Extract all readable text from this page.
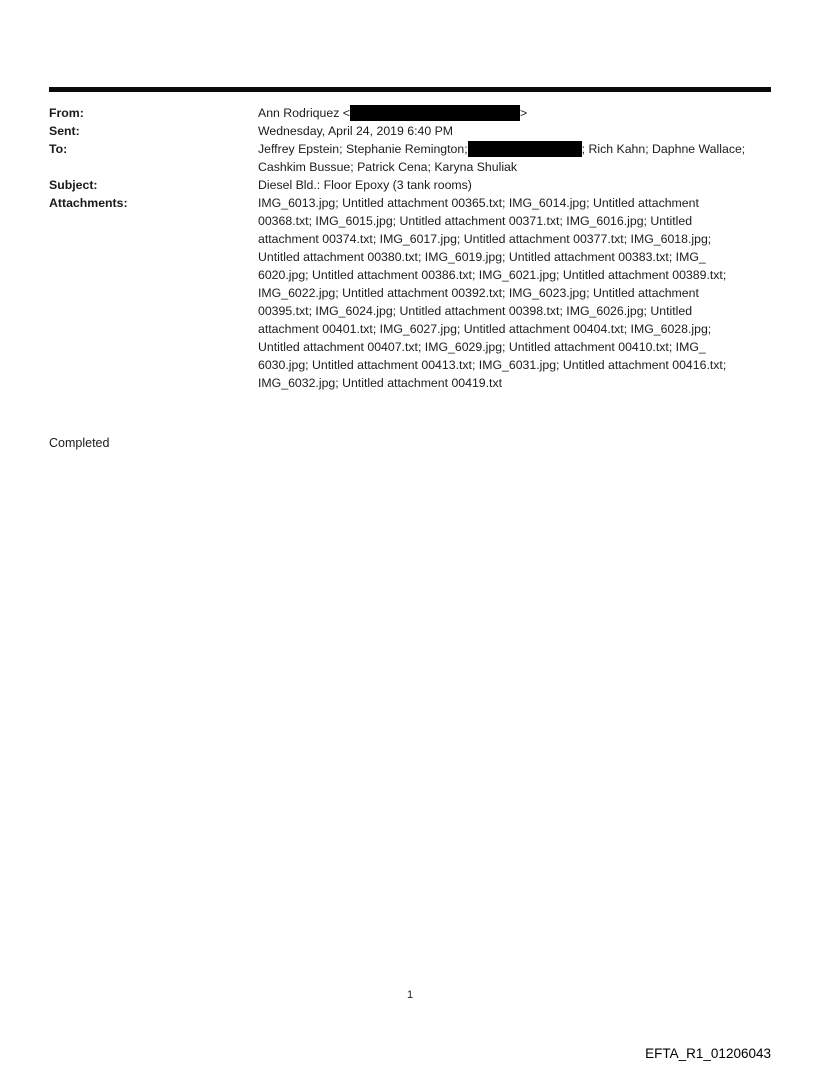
From:	Ann Rodriquez <	>
Sent:	Wednesday, April 24, 2019 6:40 PM
To:	Jeffrey Epstein; Stephanie Remington;	; Rich Kahn; Daphne Wallace;
Cashkim Bussue; Patrick Cena; Karyna Shuliak
Subject:	Diesel Bld.: Floor Epoxy (3 tank rooms)
Attachments:	IMG_6013.jpg; Untitled attachment 00365.txt; IMG_6014.jpg; Untitled attachment
00368.txt; IMG_6015.jpg; Untitled attachment 00371.txt; IMG_6016.jpg; Untitled
attachment 00374.txt; IMG_6017.jpg; Untitled attachment 00377.txt; IMG_6018.jpg;
Untitled attachment 00380.txt; IMG_6019.jpg; Untitled attachment 00383.txt; IMG_
6020.jpg; Untitled attachment 00386.txt; IMG_6021.jpg; Untitled attachment 00389.txt;
IMG_6022.jpg; Untitled attachment 00392.txt; IMG_6023.jpg; Untitled attachment
00395.txt; IMG_6024.jpg; Untitled attachment 00398.txt; IMG_6026.jpg; Untitled
attachment 00401.txt; IMG_6027.jpg; Untitled attachment 00404.txt; IMG_6028.jpg;
Untitled attachment 00407.txt; IMG_6029.jpg; Untitled attachment 00410.txt; IMG_
6030.jpg; Untitled attachment 00413.txt; IMG_6031.jpg; Untitled attachment 00416.txt;
IMG_6032.jpg; Untitled attachment 00419.txt
Completed
1
EFTA_R1_01206043
